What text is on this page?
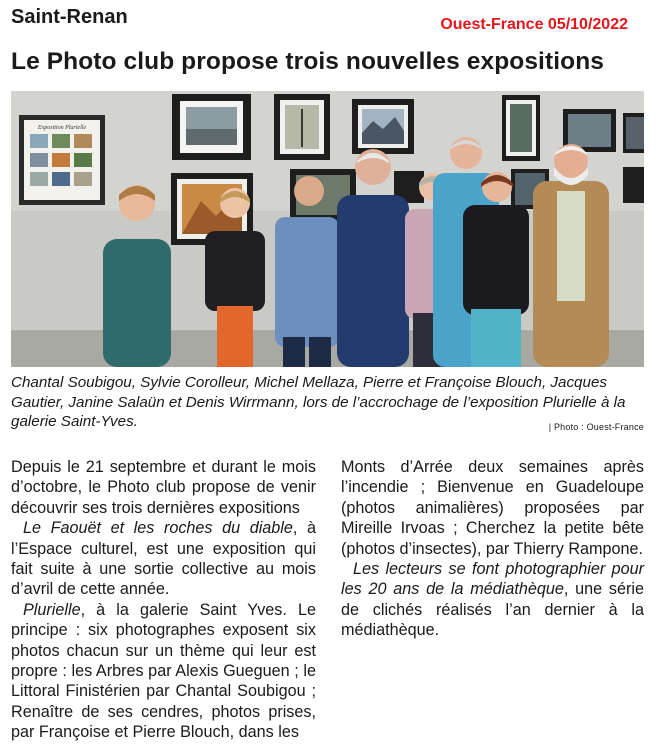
Saint-Renan	Ouest-France 05/10/2022
Le Photo club propose trois nouvelles expositions
Exposition Plurielle

Chantal Soubigou, Sylvie Corolleur, Michel Mellaza, Pierre et Françoise Blouch, Jacques Gautier, Janine Salaün et Denis Wirrmann, lors de l’accrochage de l’exposition Plurielle à la galerie Saint-Yves.	| Photo : Ouest-France

Depuis le 21 septembre et durant le mois d’octobre, le Photo club propose de venir découvrir ses trois dernières expositions

Le Faouët et les roches du diable, à l’Espace culturel, est une exposition qui fait suite à une sortie collective au mois d’avril de cette année.

Plurielle, à la galerie Saint Yves. Le principe : six photographes exposent six photos chacun sur un thème qui leur est propre : les Arbres par Alexis Gueguen ; le Littoral Finistérien par Chantal Soubigou ; Renaître de ses cendres, photos prises, par Françoise et Pierre Blouch, dans les

Monts d’Arrée deux semaines après l’incendie ; Bienvenue en Guadeloupe (photos animalières) proposées par Mireille Irvoas ; Cherchez la petite bête (photos d’insectes), par Thierry Rampone.

Les lecteurs se font photographier pour les 20 ans de la médiathèque, une série de clichés réalisés l’an dernier à la médiathèque.
